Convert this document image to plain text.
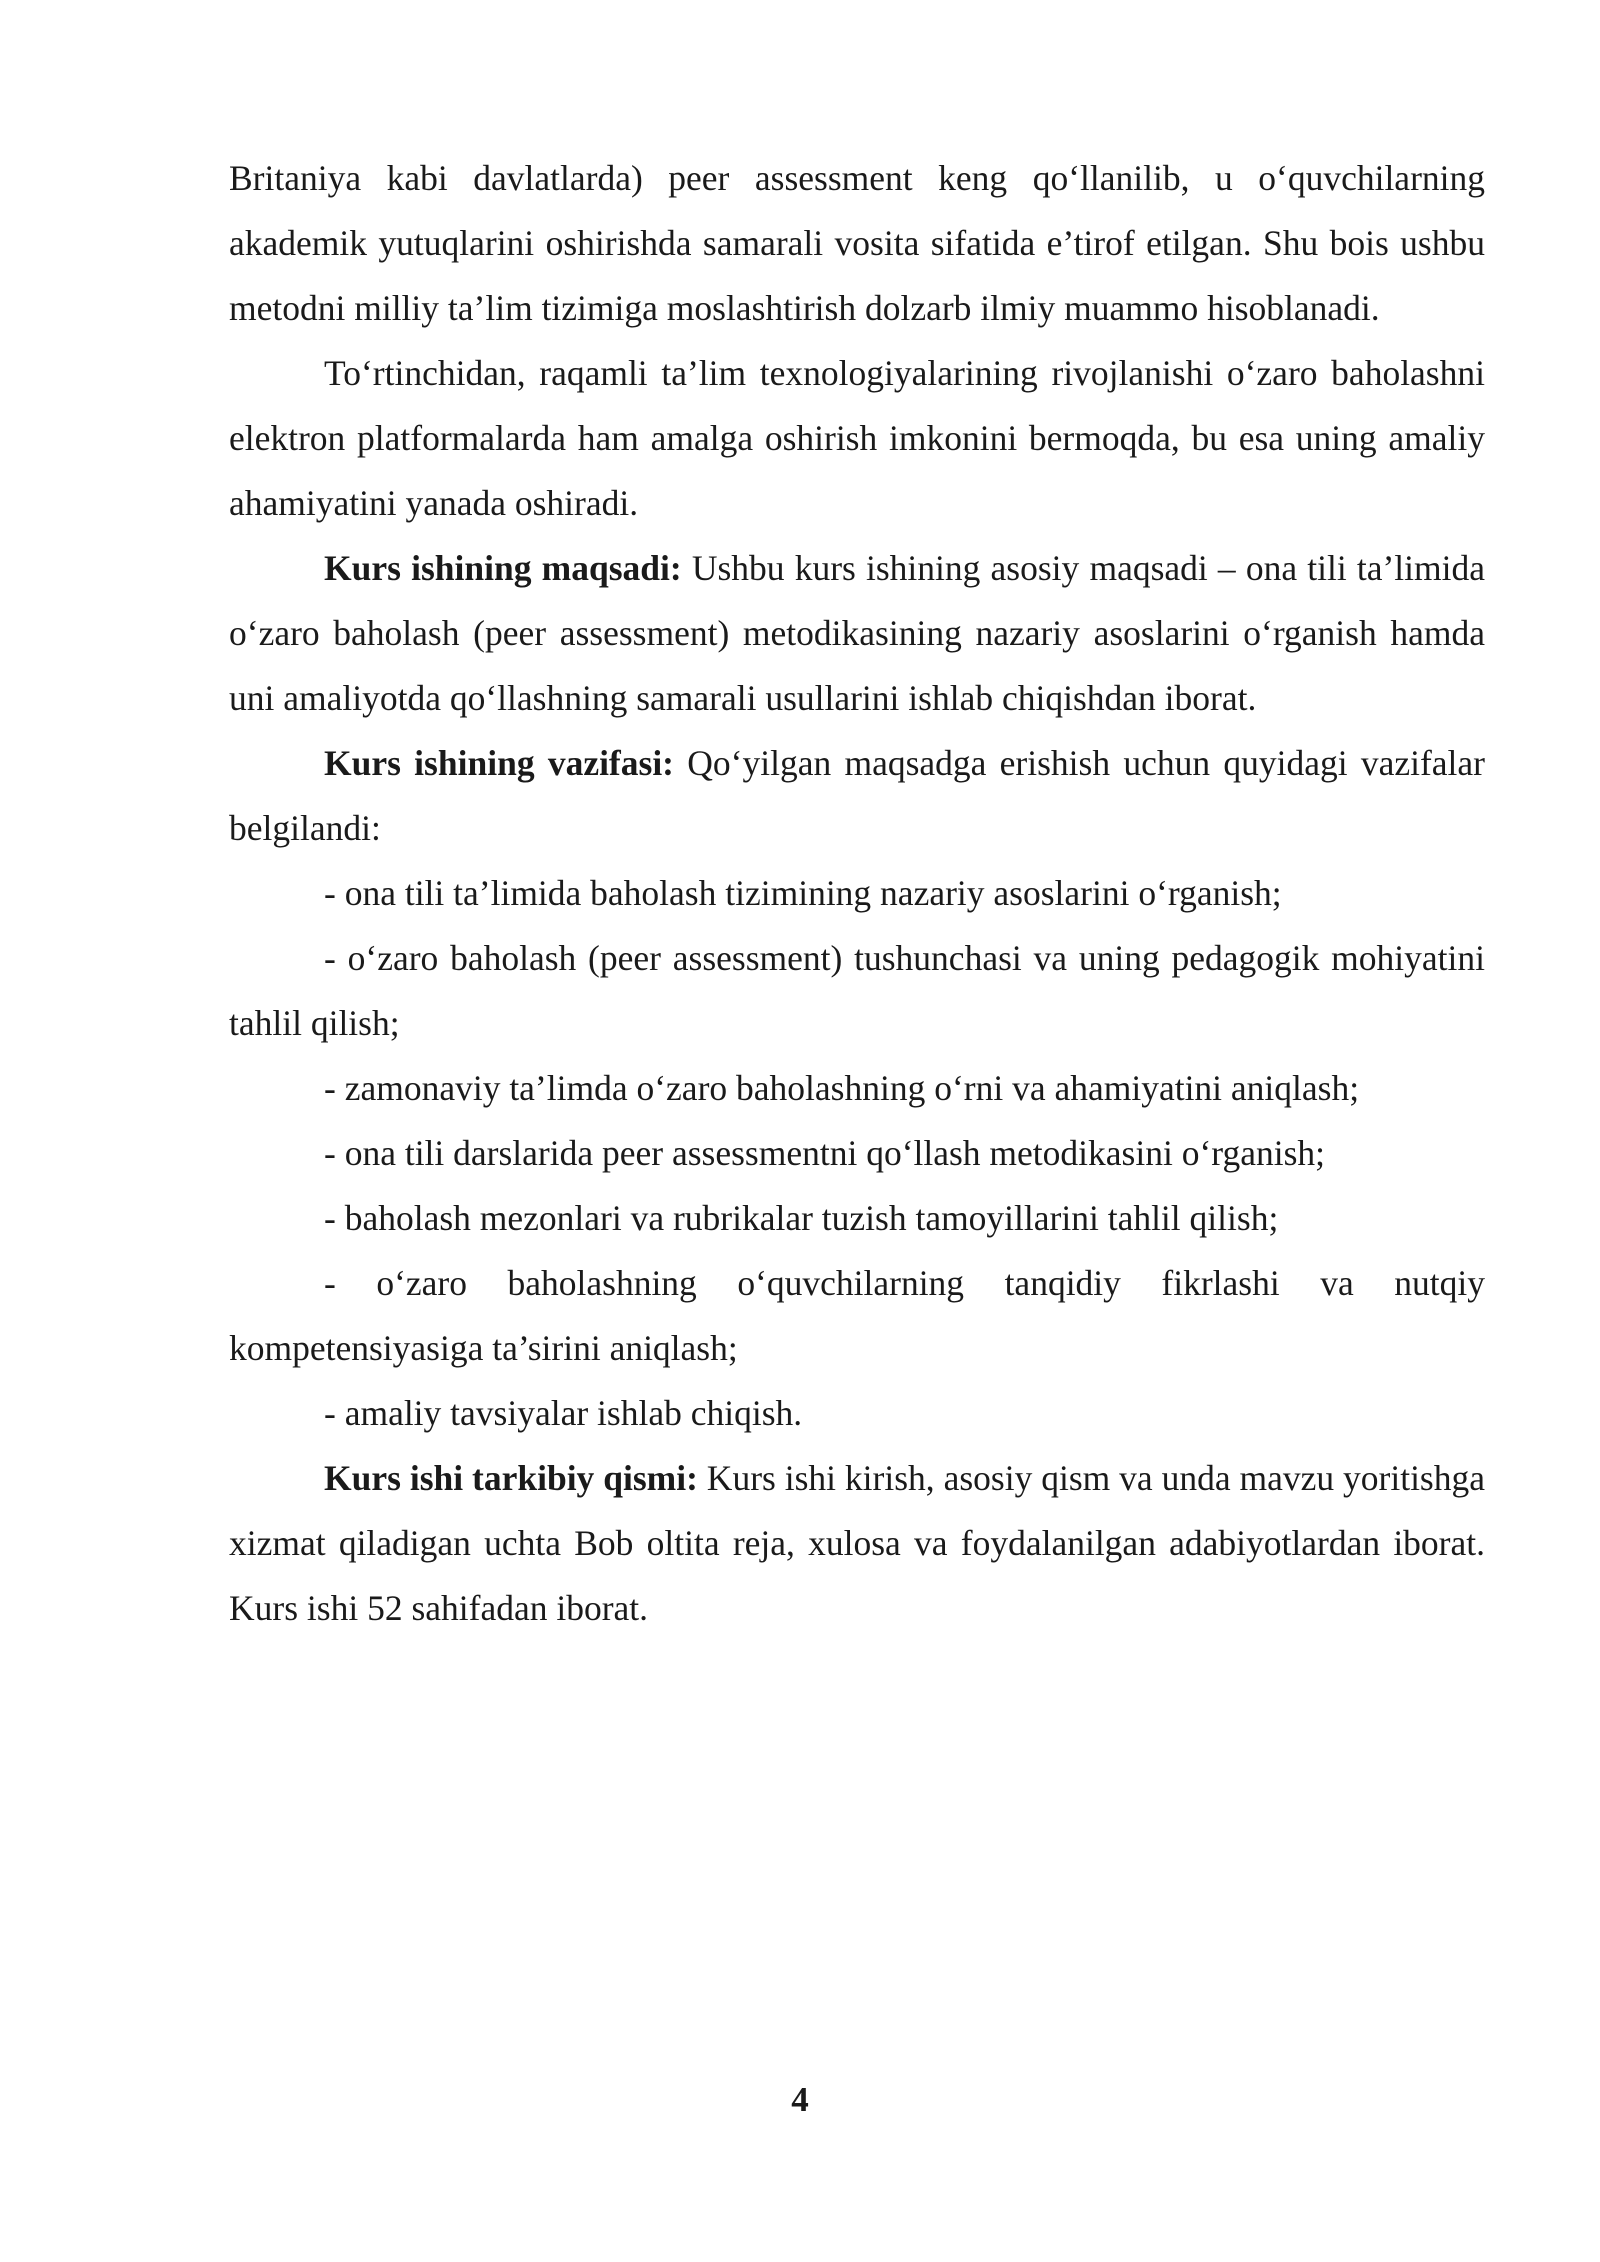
Britaniya kabi davlatlarda) peer assessment keng qo‘llanilib, u o‘quvchilarning akademik yutuqlarini oshirishda samarali vosita sifatida e’tirof etilgan. Shu bois ushbu metodni milliy ta’lim tizimiga moslashtirish dolzarb ilmiy muammo hisoblanadi.

To‘rtinchidan, raqamli ta’lim texnologiyalarining rivojlanishi o‘zaro baholashni elektron platformalarda ham amalga oshirish imkonini bermoqda, bu esa uning amaliy ahamiyatini yanada oshiradi.

Kurs ishining maqsadi: Ushbu kurs ishining asosiy maqsadi – ona tili ta’limida o‘zaro baholash (peer assessment) metodikasining nazariy asoslarini o‘rganish hamda uni amaliyotda qo‘llashning samarali usullarini ishlab chiqishdan iborat.

Kurs ishining vazifasi: Qo‘yilgan maqsadga erishish uchun quyidagi vazifalar belgilandi:

- ona tili ta’limida baholash tizimining nazariy asoslarini o‘rganish;

- o‘zaro baholash (peer assessment) tushunchasi va uning pedagogik mohiyatini tahlil qilish;

- zamonaviy ta’limda o‘zaro baholashning o‘rni va ahamiyatini aniqlash;

- ona tili darslarida peer assessmentni qo‘llash metodikasini o‘rganish;

- baholash mezonlari va rubrikalar tuzish tamoyillarini tahlil qilish;

- o‘zaro baholashning o‘quvchilarning tanqidiy fikrlashi va nutqiy kompetensiyasiga ta’sirini aniqlash;

- amaliy tavsiyalar ishlab chiqish.

Kurs ishi tarkibiy qismi: Kurs ishi kirish, asosiy qism va unda mavzu yoritishga xizmat qiladigan uchta Bob oltita reja, xulosa va foydalanilgan adabiyotlardan iborat. Kurs ishi 52 sahifadan iborat.

4
